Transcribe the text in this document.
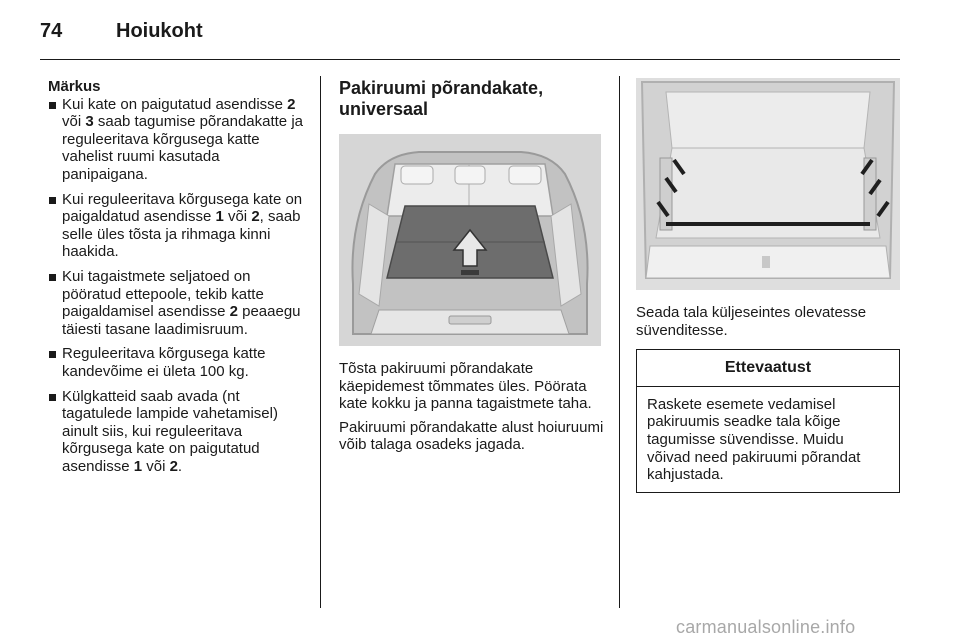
74	Hoiukoht
Märkus
Kui kate on paigutatud asendisse 2 või 3 saab tagumise põrandakatte ja reguleeritava kõrgusega katte vahelist ruumi kasutada panipaigana.
Kui reguleeritava kõrgusega kate on paigaldatud asendisse 1 või 2, saab selle üles tõsta ja rihmaga kinni haakida.
Kui tagaistmete seljatoed on pööratud ettepoole, tekib katte paigaldamisel asendisse 2 peaaegu täiesti tasane laadimisruum.
Reguleeritava kõrgusega katte kandevõime ei ületa 100 kg.
Külgkatteid saab avada (nt tagatulede lampide vahetamisel) ainult siis, kui reguleeritava kõrgusega kate on paigutatud asendisse 1 või 2.
Pakiruumi põrandakate,
universaal

Tõsta pakiruumi põrandakate käepidemest tõmmates üles. Pöörata kate kokku ja panna tagaistmete taha.

Pakiruumi põrandakatte alust hoiuruumi võib talaga osadeks jagada.

Seada tala küljeseintes olevatesse süvenditesse.

Ettevaatust
Raskete esemete vedamisel pakiruumis seadke tala kõige tagumisse süvendisse. Muidu võivad need pakiruumi põrandat kahjustada.
carmanualsonline.info
